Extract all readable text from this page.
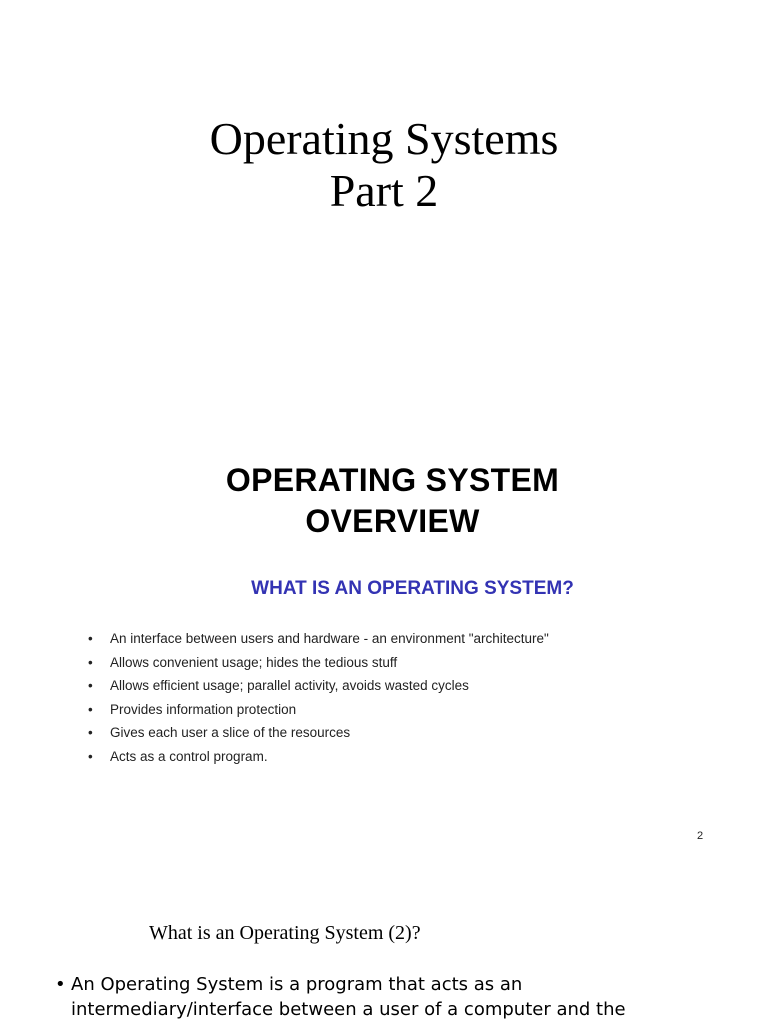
Operating Systems
Part 2
OPERATING SYSTEM
OVERVIEW
WHAT IS AN OPERATING SYSTEM?
• An interface between users and hardware - an environment "architecture"
• Allows convenient usage; hides the tedious stuff
• Allows efficient usage; parallel activity, avoids wasted cycles
• Provides information protection
• Gives each user a slice of the resources
• Acts as a control program.
2
What is an Operating System (2)?
• An Operating System is a program that acts as an
intermediary/interface between a user of a computer and the
